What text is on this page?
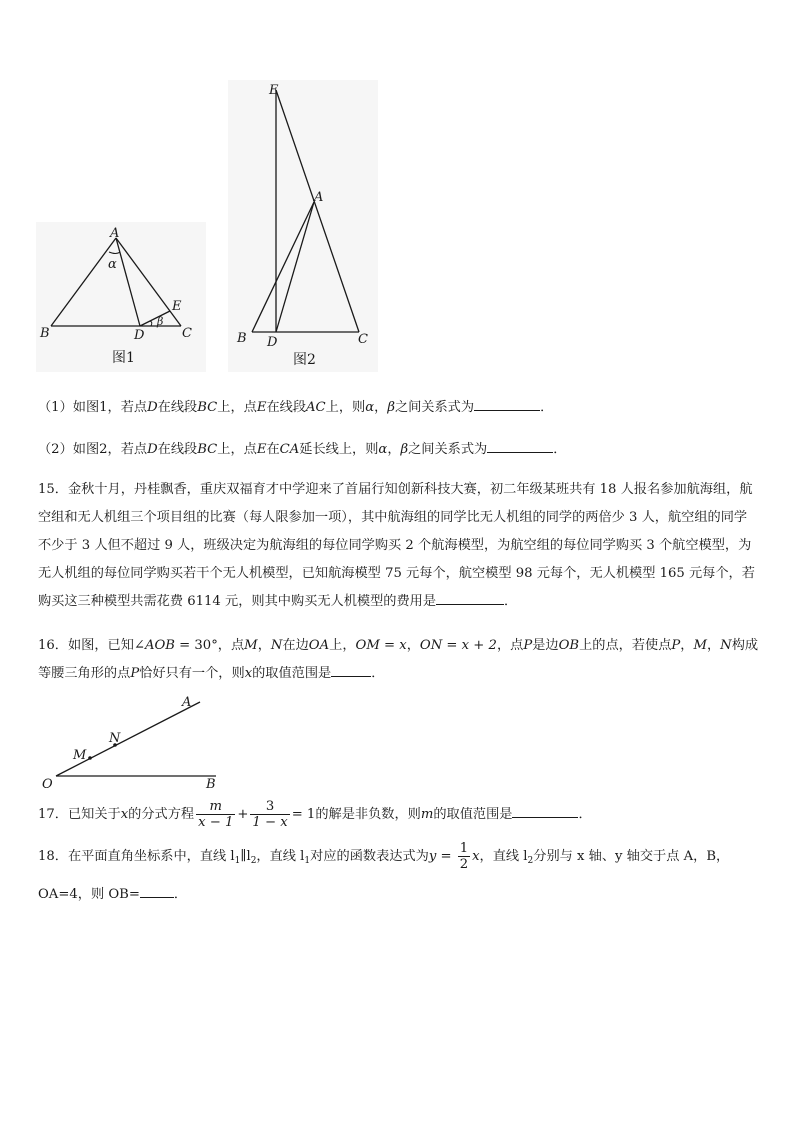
A
B	C
D
E
α
β
图1
E
A
B D	C
图2
（1）如图1，若点D在线段BC上，点E在线段AC上，则α，β之间关系式为	．
（2）如图2，若点D在线段BC上，点E在CA延长线上，则α，β之间关系式为	．
15．金秋十月，丹桂飘香，重庆双福育才中学迎来了首届行知创新科技大赛，初二年级某班共有 18 人报名参加航海组，航空组和无人机组三个项目组的比赛（每人限参加一项），其中航海组的同学比无人机组的同学的两倍少 3 人，航空组的同学不少于 3 人但不超过 9 人，班级决定为航海组的每位同学购买 2 个航海模型，为航空组的每位同学购买 3 个航空模型，为无人机组的每位同学购买若干个无人机模型，已知航海模型 75 元每个，航空模型 98 元每个，无人机模型 165 元每个，若购买这三种模型共需花费 6114 元，则其中购买无人机模型的费用是	．
16．如图，已知∠AOB = 30°，点M，N在边OA上，OM = x，ON = x + 2，点P是边OB上的点，若使点P，M，N构成等腰三角形的点P恰好只有一个，则x的取值范围是	．
O
A
B
M
N
17．已知关于x的分式方程 $\frac{m}{x - 1} + \frac{3}{1 - x} = 1$的解是非负数，则m的取值范围是	．
18．在平面直角坐标系中，直线 $l_1\parallel l_2$，直线 $l_1$对应的函数表达式为$y = \frac{1}{2}$ x，直线 $l_2$分别与 x 轴、y 轴交于点 A，B，
OA=4，则 OB=	．
